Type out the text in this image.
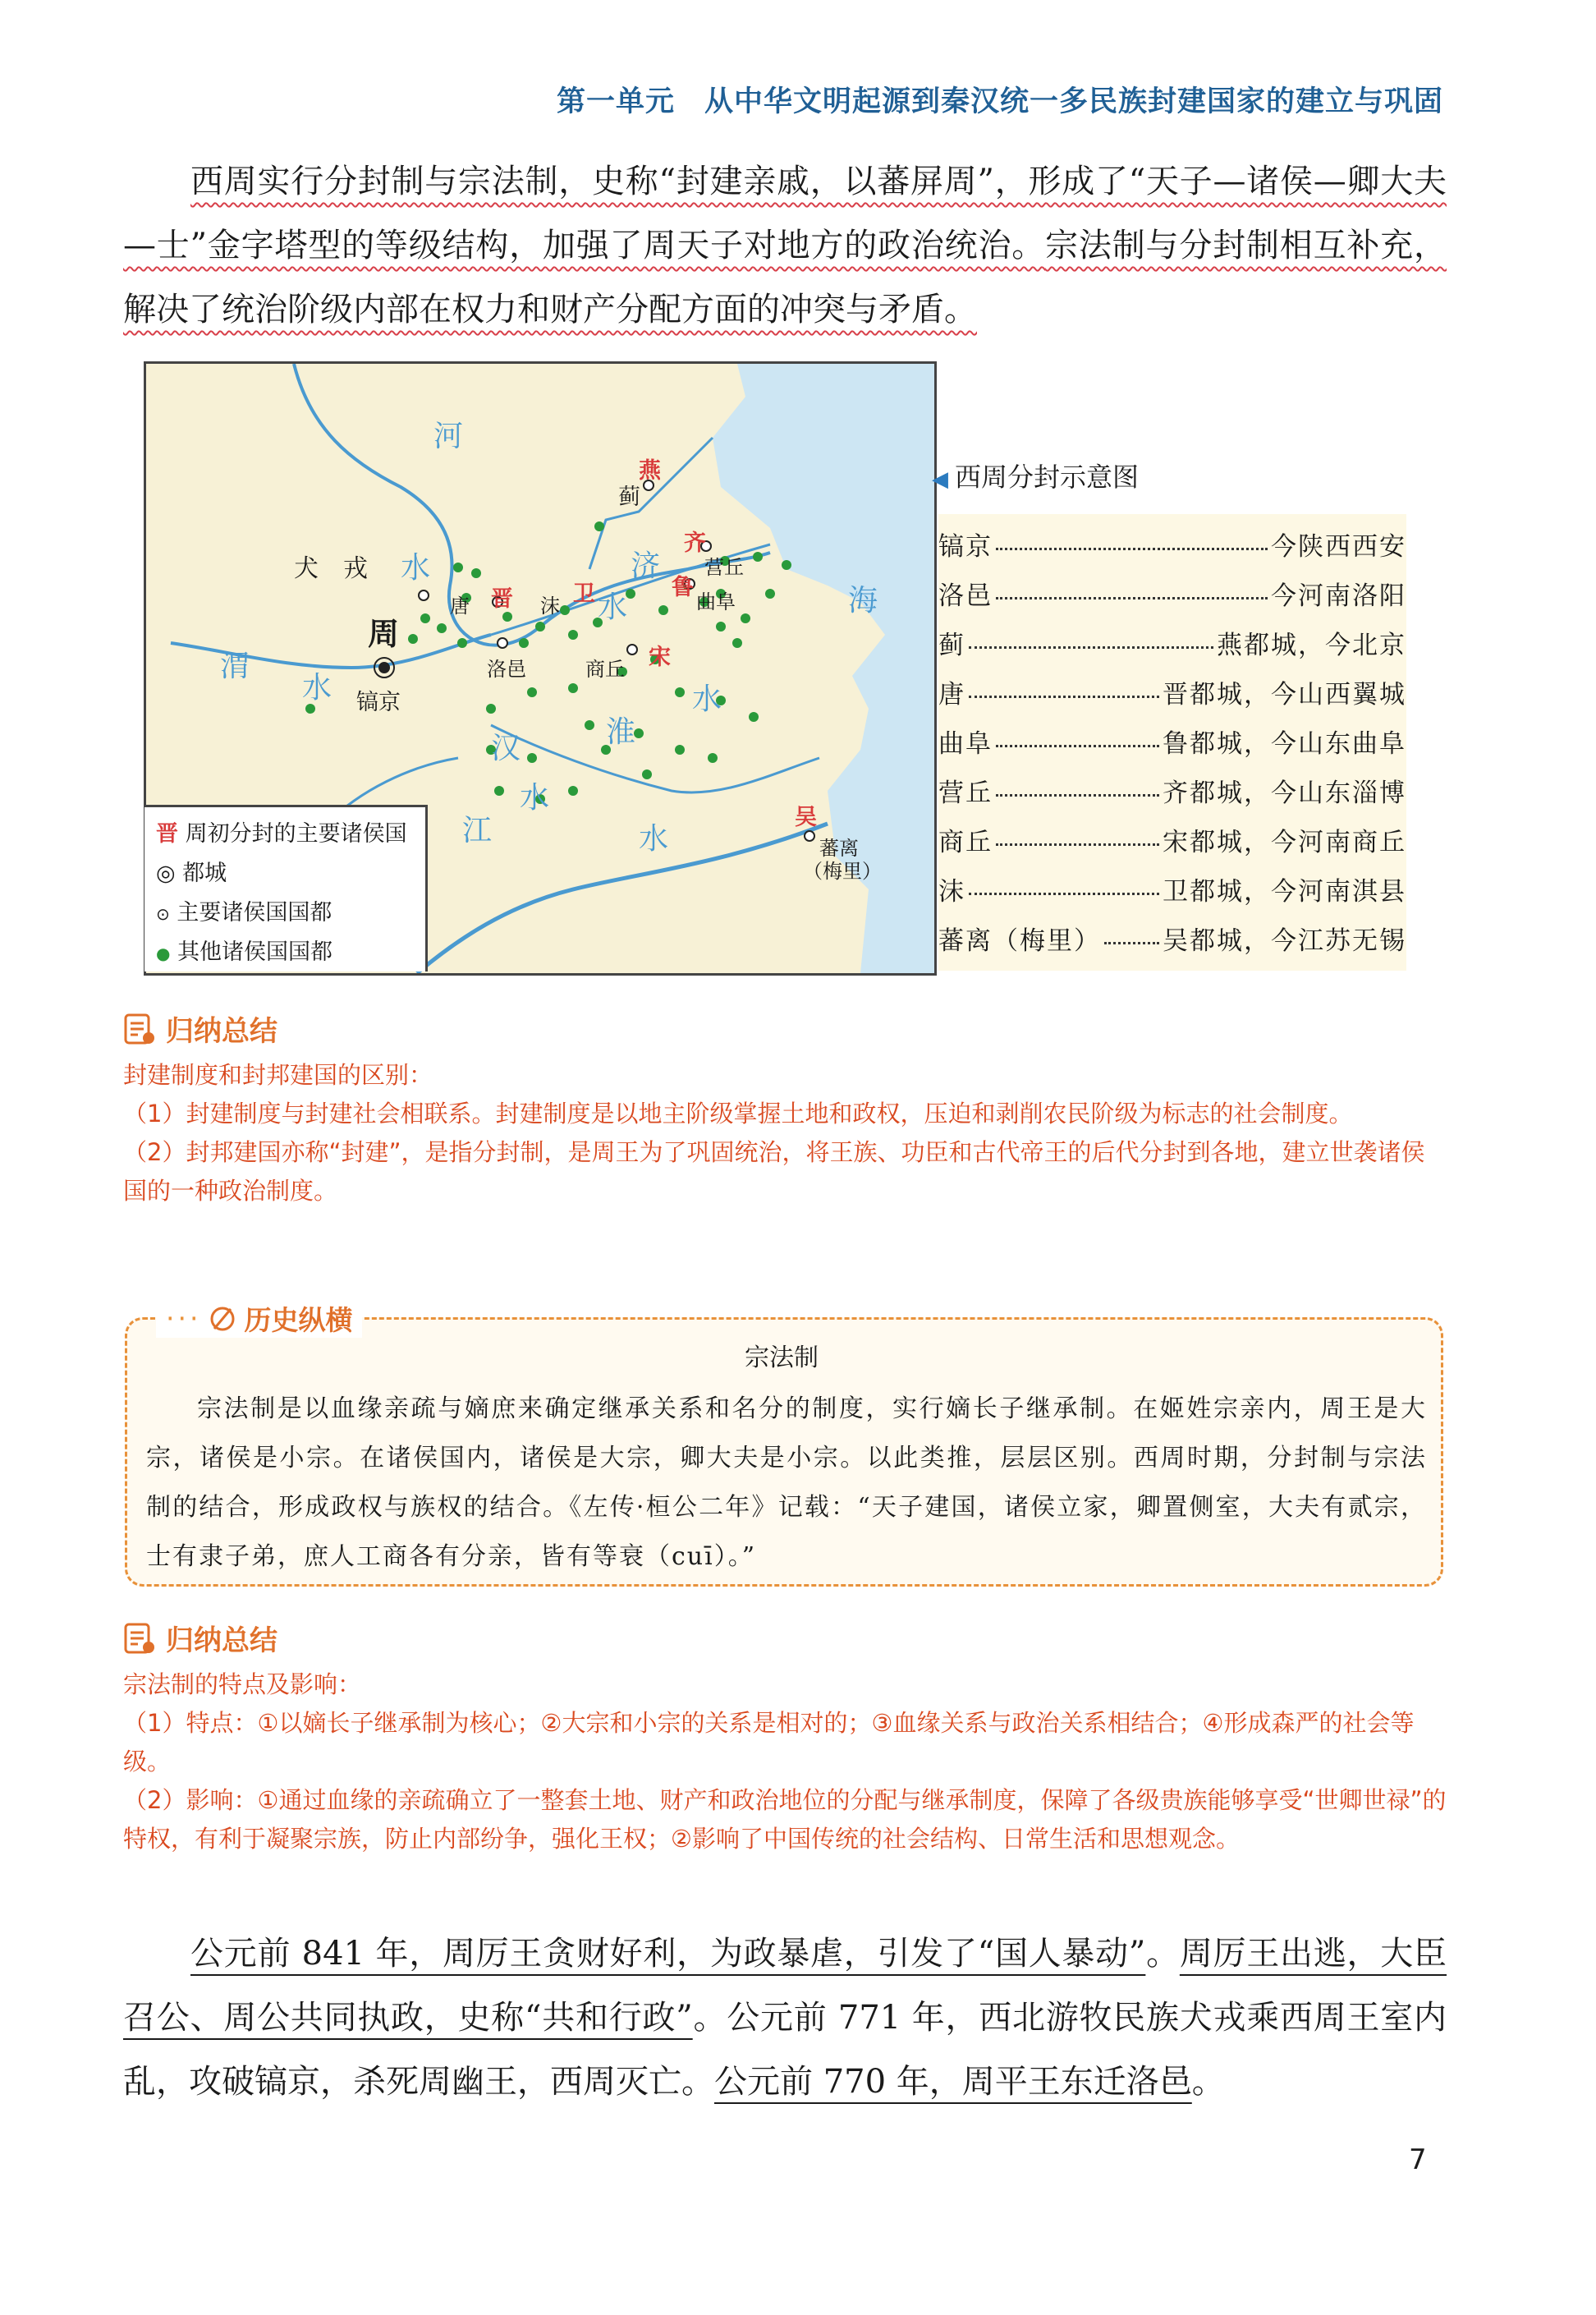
第一单元　从中华文明起源到秦汉统一多民族封建国家的建立与巩固
西周实行分封制与宗法制，史称“封建亲戚，以蕃屏周”，形成了“天子—诸侯—卿大夫—士”金字塔型的等级结构，加强了周天子对地方的政治统治。宗法制与分封制相互补充，解决了统治阶级内部在权力和财产分配方面的冲突与矛盾。
燕
蓟
河
犬　戎 水
周
晋
唐	卫
沫 水
济
齐
营丘
鲁
曲阜	海
渭
水 镐京
洛邑	宋
商丘
水
汉	淮
水
江	水
吴
蕃离
（梅里）
晋 周初分封的主要诸侯国
◎ 都城
⊙ 主要诸侯国国都
● 其他诸侯国国都
◀ 西周分封示意图
镐京	今陕西西安
洛邑	今河南洛阳
蓟	燕都城，今北京
唐	晋都城，今山西翼城
曲阜	鲁都城，今山东曲阜
营丘	齐都城，今山东淄博
商丘	宋都城，今河南商丘
沫	卫都城，今河南淇县
蕃离（梅里） 吴都城，今江苏无锡
归纳总结
封建制度和封邦建国的区别：
（1）封建制度与封建社会相联系。封建制度是以地主阶级掌握土地和政权，压迫和剥削农民阶级为标志的社会制度。
（2）封邦建国亦称“封建”，是指分封制，是周王为了巩固统治，将王族、功臣和古代帝王的后代分封到各地，建立世袭诸侯国的一种政治制度。
··· 历史纵横
宗法制
宗法制是以血缘亲疏与嫡庶来确定继承关系和名分的制度，实行嫡长子继承制。在姬姓宗亲内，周王是大宗，诸侯是小宗。在诸侯国内，诸侯是大宗，卿大夫是小宗。以此类推，层层区别。西周时期，分封制与宗法制的结合，形成政权与族权的结合。《左传·桓公二年》记载：“天子建国，诸侯立家，卿置侧室，大夫有贰宗，士有隶子弟，庶人工商各有分亲，皆有等衰（cuī）。”
归纳总结
宗法制的特点及影响：
（1）特点：①以嫡长子继承制为核心；②大宗和小宗的关系是相对的；③血缘关系与政治关系相结合；④形成森严的社会等级。
（2）影响：①通过血缘的亲疏确立了一整套土地、财产和政治地位的分配与继承制度，保障了各级贵族能够享受“世卿世禄”的特权，有利于凝聚宗族，防止内部纷争，强化王权；②影响了中国传统的社会结构、日常生活和思想观念。
公元前 841 年，周厉王贪财好利，为政暴虐，引发了“国人暴动”。周厉王出逃，大臣召公、周公共同执政，史称“共和行政”。公元前 771 年，西北游牧民族犬戎乘西周王室内乱，攻破镐京，杀死周幽王，西周灭亡。公元前 770 年，周平王东迁洛邑。
7
